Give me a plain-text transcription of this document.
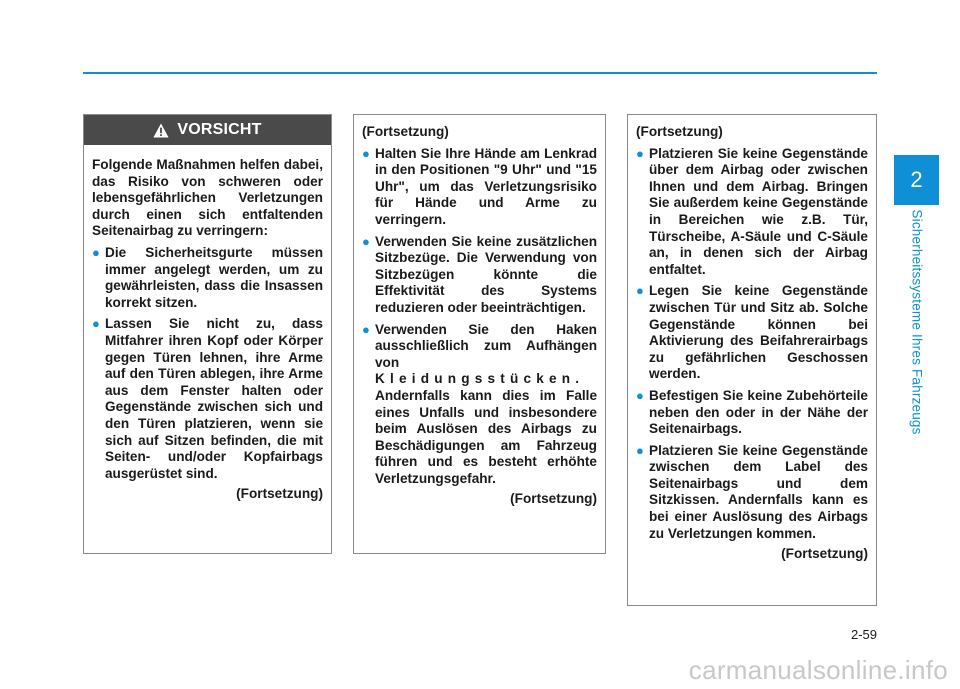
VORSICHT
Folgende Maßnahmen helfen dabei, das Risiko von schweren oder lebensgefährlichen Verletzungen durch einen sich entfaltenden Seitenairbag zu verringern:
● Die Sicherheitsgurte müssen immer angelegt werden, um zu gewährleisten, dass die Insassen korrekt sitzen.
● Lassen Sie nicht zu, dass Mitfahrer ihren Kopf oder Körper gegen Türen lehnen, ihre Arme auf den Türen ablegen, ihre Arme aus dem Fenster halten oder Gegenstände zwischen sich und den Türen platzieren, wenn sie sich auf Sitzen befinden, die mit Seiten- und/oder Kopfairbags ausgerüstet sind.
(Fortsetzung)
(Fortsetzung)
● Halten Sie Ihre Hände am Lenkrad in den Positionen "9 Uhr" und "15 Uhr", um das Verletzungsrisiko für Hände und Arme zu verringern.
● Verwenden Sie keine zusätzlichen Sitzbezüge. Die Verwendung von Sitzbezügen könnte die Effektivität des Systems reduzieren oder beeinträchtigen.
● Verwenden Sie den Haken ausschließlich zum Aufhängen von Kleidungsstücken. Andernfalls kann dies im Falle eines Unfalls und insbesondere beim Auslösen des Airbags zu Beschädigungen am Fahrzeug führen und es besteht erhöhte Verletzungsgefahr.
(Fortsetzung)
(Fortsetzung)
● Platzieren Sie keine Gegenstände über dem Airbag oder zwischen Ihnen und dem Airbag. Bringen Sie außerdem keine Gegenstände in Bereichen wie z.B. Tür, Türscheibe, A-Säule und C-Säule an, in denen sich der Airbag entfaltet.
● Legen Sie keine Gegenstände zwischen Tür und Sitz ab. Solche Gegenstände können bei Aktivierung des Beifahrerairbags zu gefährlichen Geschossen werden.
● Befestigen Sie keine Zubehörteile neben den oder in der Nähe der Seitenairbags.
● Platzieren Sie keine Gegenstände zwischen dem Label des Seitenairbags und dem Sitzkissen. Andernfalls kann es bei einer Auslösung des Airbags zu Verletzungen kommen.
(Fortsetzung)
2
Sicherheitssysteme Ihres Fahrzeugs
2-59
carmanualsonline.info
